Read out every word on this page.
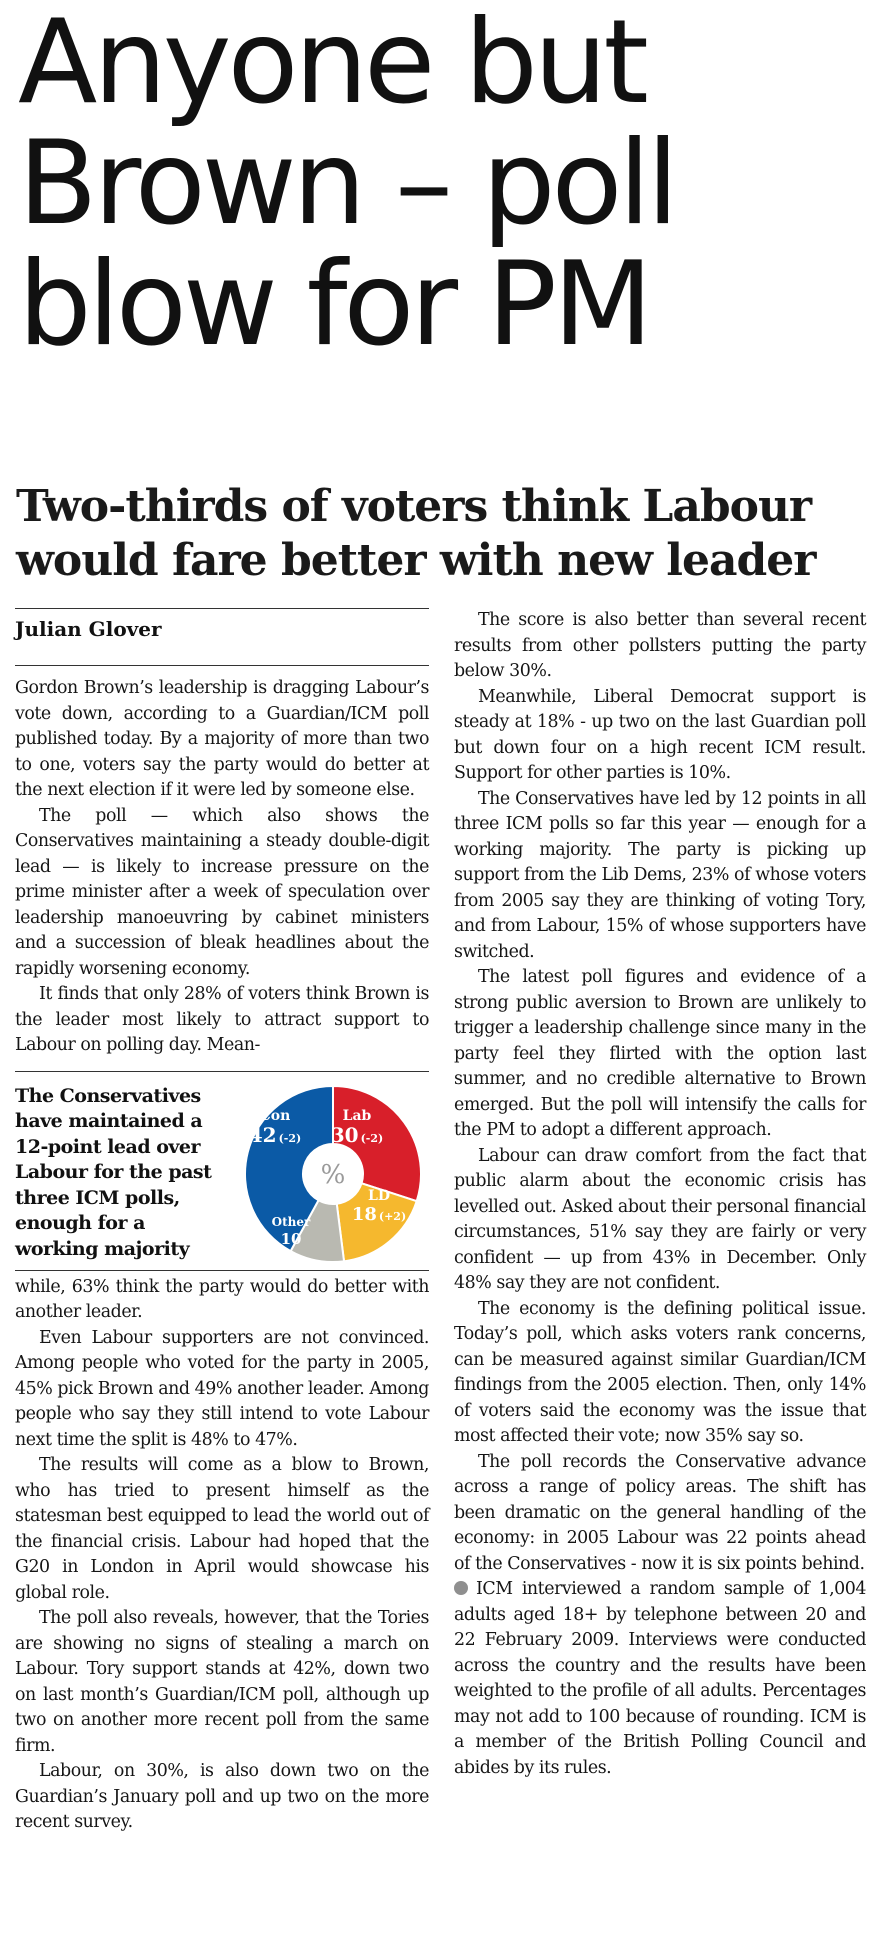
Anyone but
Brown – poll
blow for PM
Two-thirds of voters think Labour
would fare better with new leader
Julian Glover

Gordon Brown’s leadership is dragging Labour’s vote down, according to a Guardian/ICM poll published today. By a majority of more than two to one, voters say the party would do better at the next election if it were led by someone else.

The poll — which also shows the Conservatives maintaining a steady double-digit lead — is likely to increase pressure on the prime minister after a week of speculation over leadership manoeuvring by cabinet ministers and a succession of bleak headlines about the rapidly worsening economy.

It finds that only 28% of voters think Brown is the leader most likely to attract support to Labour on polling day. Mean-

The Conservatives have maintained a 12-point lead over Labour for the past three ICM polls, enough for a working majority
%
Con
42 (-2)
Lab
30 (-2)
LD
18 (+2)
Other
10

while, 63% think the party would do better with another leader.

Even Labour supporters are not convinced. Among people who voted for the party in 2005, 45% pick Brown and 49% another leader. Among people who say they still intend to vote Labour next time the split is 48% to 47%.

The results will come as a blow to Brown, who has tried to present himself as the statesman best equipped to lead the world out of the financial crisis. Labour had hoped that the G20 in London in April would showcase his global role.

The poll also reveals, however, that the Tories are showing no signs of stealing a march on Labour. Tory support stands at 42%, down two on last month’s Guardian/ICM poll, although up two on another more recent poll from the same firm.

Labour, on 30%, is also down two on the Guardian’s January poll and up two on the more recent survey.

The score is also better than several recent results from other pollsters putting the party below 30%.

Meanwhile, Liberal Democrat support is steady at 18% - up two on the last Guardian poll but down four on a high recent ICM result. Support for other parties is 10%.

The Conservatives have led by 12 points in all three ICM polls so far this year — enough for a working majority. The party is picking up support from the Lib Dems, 23% of whose voters from 2005 say they are thinking of voting Tory, and from Labour, 15% of whose supporters have switched.

The latest poll figures and evidence of a strong public aversion to Brown are unlikely to trigger a leadership challenge since many in the party feel they flirted with the option last summer, and no credible alternative to Brown emerged. But the poll will intensify the calls for the PM to adopt a different approach.

Labour can draw comfort from the fact that public alarm about the economic crisis has levelled out. Asked about their personal financial circumstances, 51% say they are fairly or very confident — up from 43% in December. Only 48% say they are not confident.

The economy is the defining political issue. Today’s poll, which asks voters rank concerns, can be measured against similar Guardian/ICM findings from the 2005 election. Then, only 14% of voters said the economy was the issue that most affected their vote; now 35% say so.

The poll records the Conservative advance across a range of policy areas. The shift has been dramatic on the general handling of the economy: in 2005 Labour was 22 points ahead of the Conservatives - now it is six points behind.

ICM interviewed a random sample of 1,004 adults aged 18+ by telephone between 20 and 22 February 2009. Interviews were conducted across the country and the results have been weighted to the profile of all adults. Percentages may not add to 100 because of rounding. ICM is a member of the British Polling Council and abides by its rules.
